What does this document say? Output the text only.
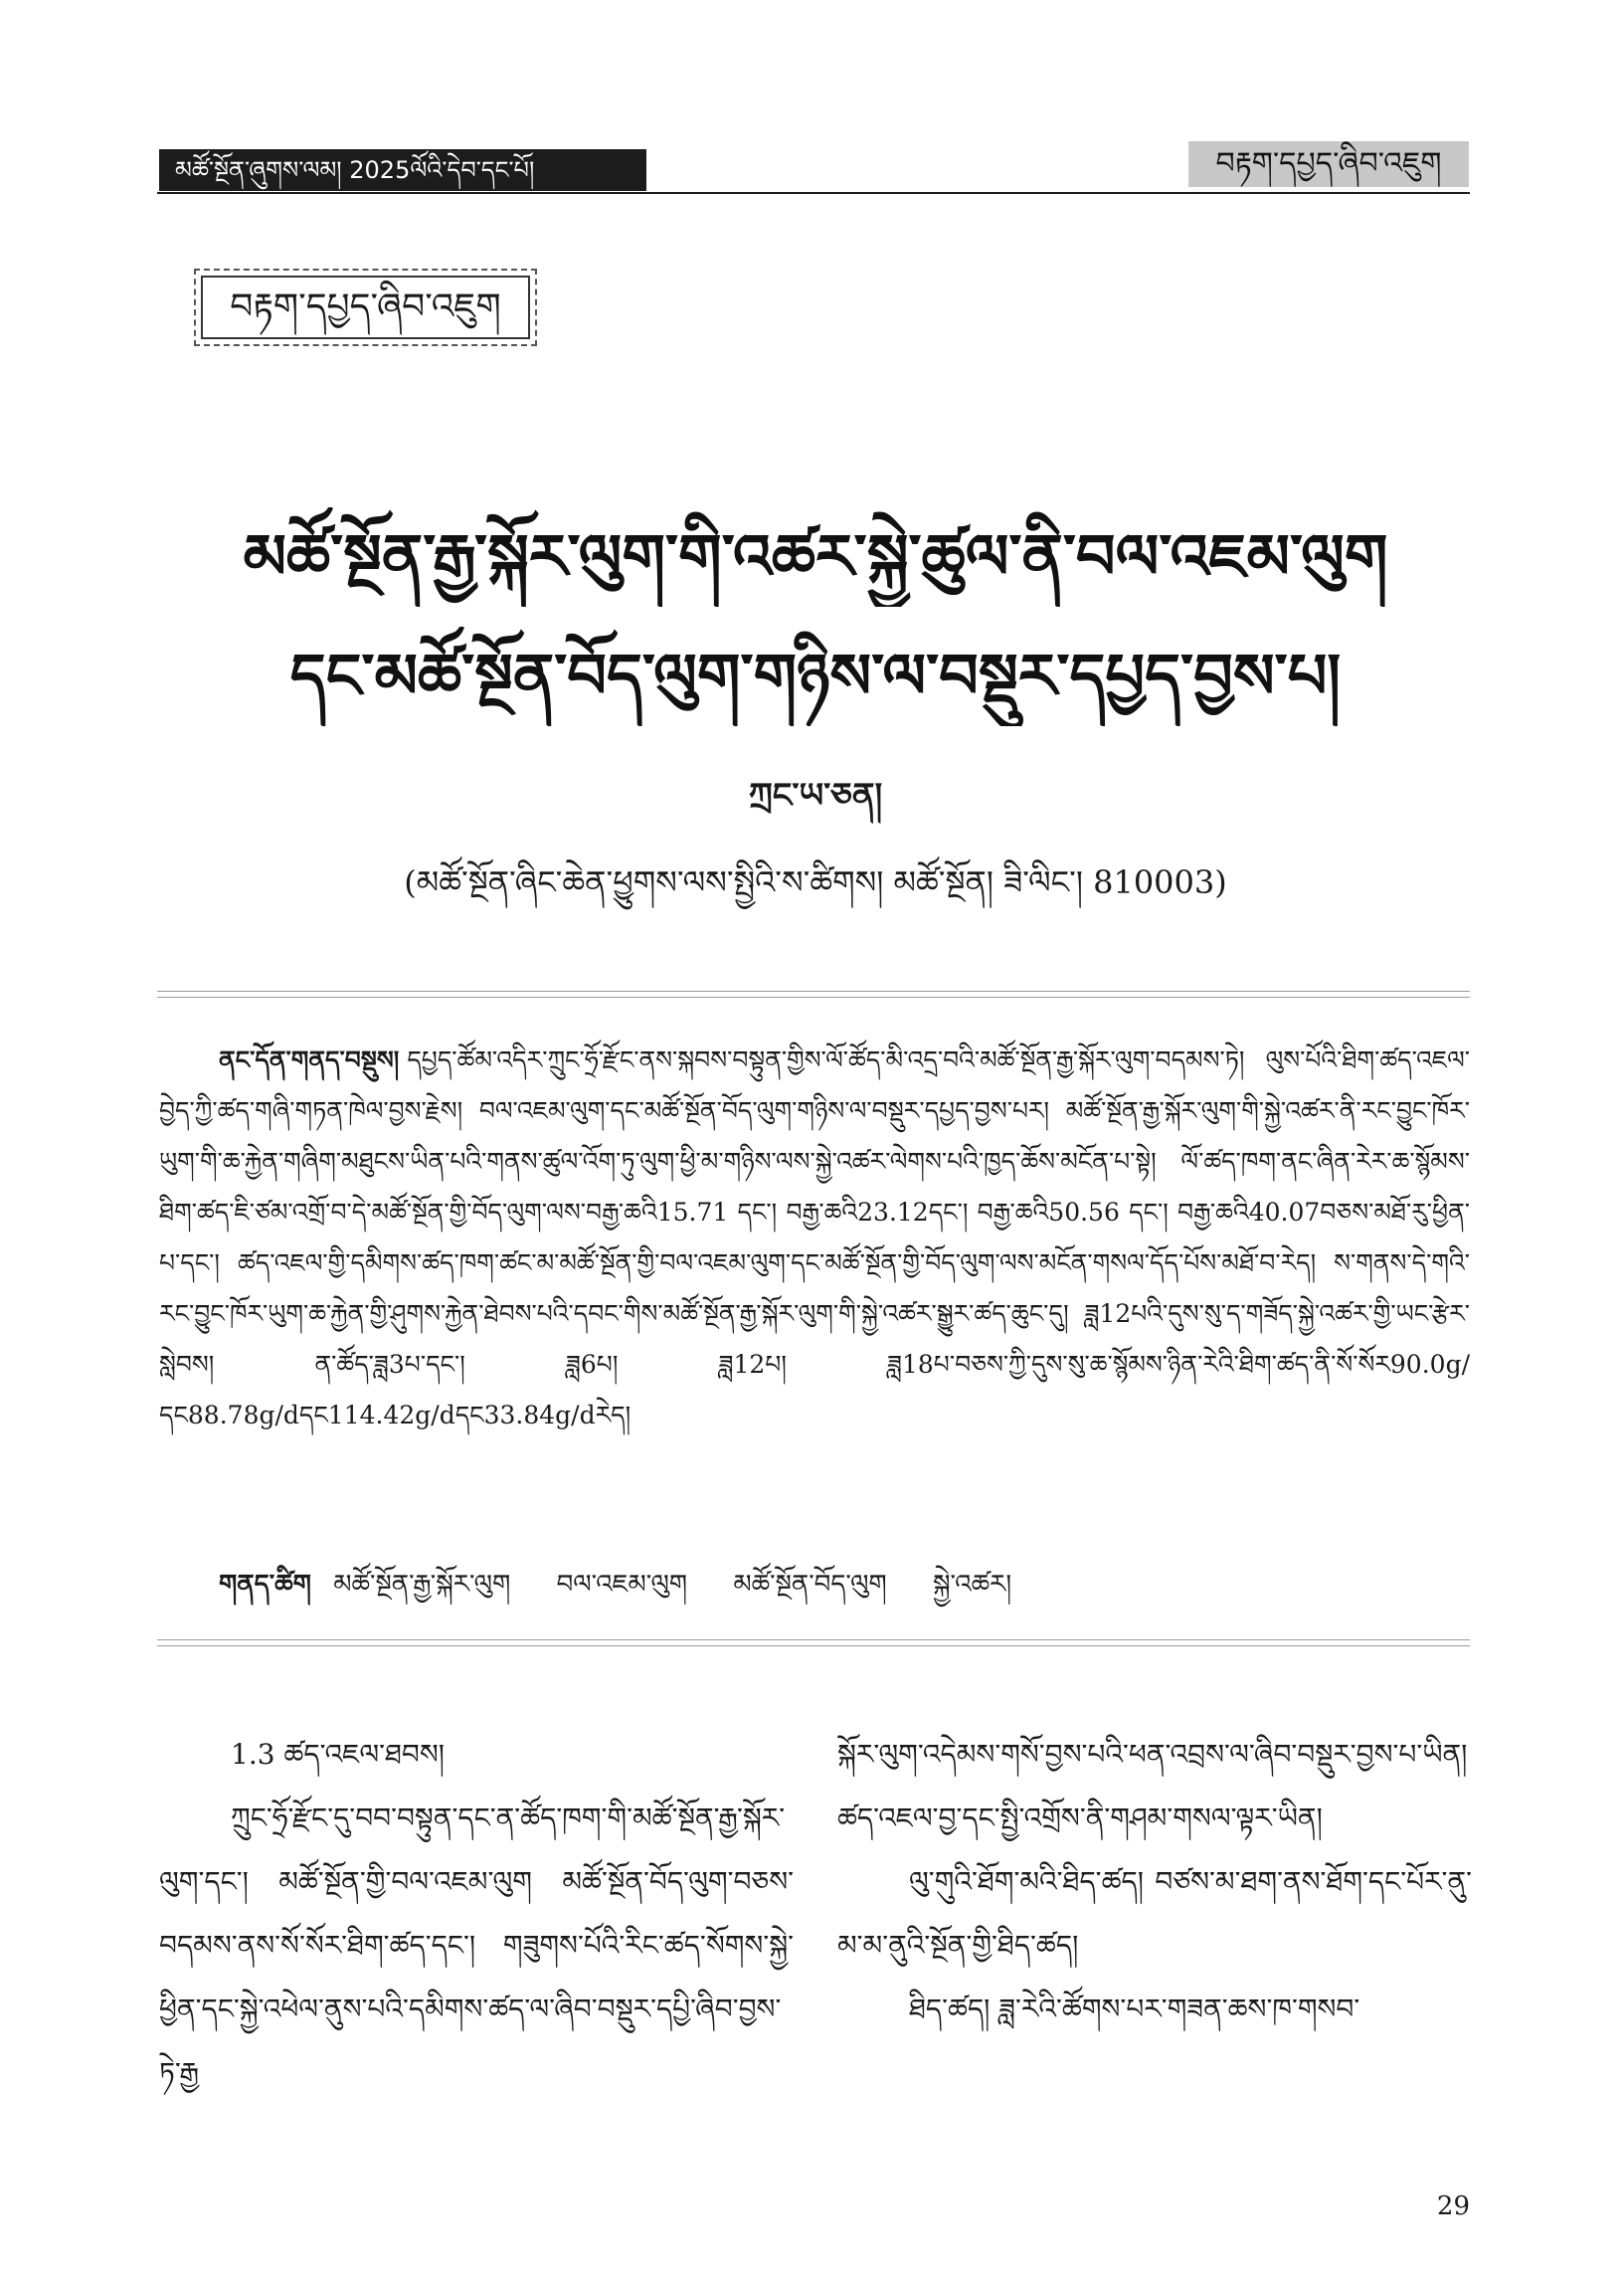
མཚོ་སྔོན་ཞུགས་ལམ། 2025ལོའི་དེབ་དང་པོ།	བརྟག་དཔྱད་ཞིབ་འཇུག
བརྟག་དཔྱད་ཞིབ་འཇུག
མཚོ་སྔོན་རྒྱ་སྐོར་ལུག་གི་འཚར་སྐྱེ་ཚུལ་ནི་བལ་འཇམ་ལུག
དང་མཚོ་སྔོན་བོད་ལུག་གཉིས་ལ་བསྡུར་དཔྱད་བྱས་པ།
ཀྲང་ཡ་ཅན།
(མཚོ་སྔོན་ཞིང་ཆེན་ཕྱུགས་ལས་སྤྱིའི་ས་ཚིགས། མཚོ་སྔོན། ཟི་ལིང་། 810003)
ནང་དོན་གནད་བསྡུས། དཔྱད་ཚོམ་འདིར་ཀྲུང་ཧྲོ་རྫོང་ནས་སྐབས་བསྟུན་གྱིས་ལོ་ཚོད་མི་འདྲ་བའི་མཚོ་སྔོན་རྒྱ་སྐོར་ལུག་བདམས་ཏེ། ལུས་པོའི་ཐིག་ཚད་འཇལ་བྱེད་ཀྱི་ཚད་གཞི་གཏན་ཁེལ་བྱས་རྗེས། བལ་འཇམ་ལུག་དང་མཚོ་སྔོན་བོད་ལུག་གཉིས་ལ་བསྡུར་དཔྱད་བྱས་པར། མཚོ་སྔོན་རྒྱ་སྐོར་ལུག་གི་སྐྱེ་འཚར་ནི་རང་བྱུང་ཁོར་ཡུག་གི་ཆ་རྐྱེན་གཞིག་མཐུངས་ཡིན་པའི་གནས་ཚུལ་འོག་ཏུ་ལུག་ཕྱི་མ་གཉིས་ལས་སྐྱེ་འཚར་ལེགས་པའི་ཁྱད་ཆོས་མངོན་པ་སྟེ། ལོ་ཚད་ཁག་ནང་ཞིན་རེར་ཆ་སྙོམས་ཐིག་ཚད་ཇི་ཙམ་འགྲོ་བ་དེ་མཚོ་སྔོན་གྱི་བོད་ལུག་ལས་བརྒྱ་ཆའི15.71 དང་། བརྒྱ་ཆའི23.12དང་། བརྒྱ་ཆའི50.56 དང་། བརྒྱ་ཆའི40.07བཅས་མཐོ་རུ་ཕྱིན་པ་དང་། ཚད་འཇལ་གྱི་དམིགས་ཚད་ཁག་ཚང་མ་མཚོ་སྔོན་གྱི་བལ་འཇམ་ལུག་དང་མཚོ་སྔོན་གྱི་བོད་ལུག་ལས་མངོན་གསལ་དོད་པོས་མཐོ་བ་རེད། ས་གནས་དེ་གའི་རང་བྱུང་ཁོར་ཡུག་ཆ་རྐྱེན་གྱི་ཤུགས་རྐྱེན་ཐེབས་པའི་དབང་གིས་མཚོ་སྔོན་རྒྱ་སྐོར་ལུག་གི་སྐྱེ་འཚར་སྒྱུར་ཚད་ཆུང་དུ། ཟླ12པའི་དུས་སུ་ད་གཟོད་སྐྱེ་འཚར་གྱི་ཡང་རྩེར་སླེབས། ན་ཚོད་ཟླ3པ་དང་། ཟླ6པ། ཟླ12པ། ཟླ18པ་བཅས་ཀྱི་དུས་སུ་ཆ་སྙོམས་ཉིན་རེའི་ཐིག་ཚད་ནི་སོ་སོར90.0g/དང88.78g/dདང114.42g/dདང33.84g/dརེད།
གནད་ཚིག མཚོ་སྔོན་རྒྱ་སྐོར་ལུག བལ་འཇམ་ལུག མཚོ་སྔོན་བོད་ལུག སྐྱེ་འཚར།

1.3 ཚད་འཇལ་ཐབས།

ཀྲུང་ཧྲོ་རྫོང་དུ་བབ་བསྟུན་དང་ན་ཚོད་ཁག་གི་མཚོ་སྔོན་རྒྱ་སྐོར་ལུག་དང་། མཚོ་སྔོན་གྱི་བལ་འཇམ་ལུག མཚོ་སྔོན་བོད་ལུག་བཅས་བདམས་ནས་སོ་སོར་ཐིག་ཚད་དང་། གཟུགས་པོའི་རིང་ཚད་སོགས་སྐྱེ་ཕྱིན་དང་སྐྱེ་འཕེལ་ནུས་པའི་དམིགས་ཚད་ལ་ཞིབ་བསྡུར་དཔྱི་ཞིབ་བྱས་ཏེ་རྒྱ

སྐོར་ལུག་འདེམས་གསོ་བྱས་པའི་ཕན་འབྲས་ལ་ཞིབ་བསྡུར་བྱས་པ་ཡིན། ཚད་འཇལ་བྱ་དང་སྤྱི་འགྲོས་ནི་གཤམ་གསལ་ལྟར་ཡིན།

ལུ་གུའི་ཐོག་མའི་ཐིད་ཚད། བཙས་མ་ཐག་ནས་ཐོག་དང་པོར་ནུ་མ་མ་ནུའི་སྔོན་གྱི་ཐིད་ཚད།

ཐིད་ཚད། ཟླ་རེའི་ཚོགས་པར་གཟན་ཆས་ཁ་གསབ་

29
